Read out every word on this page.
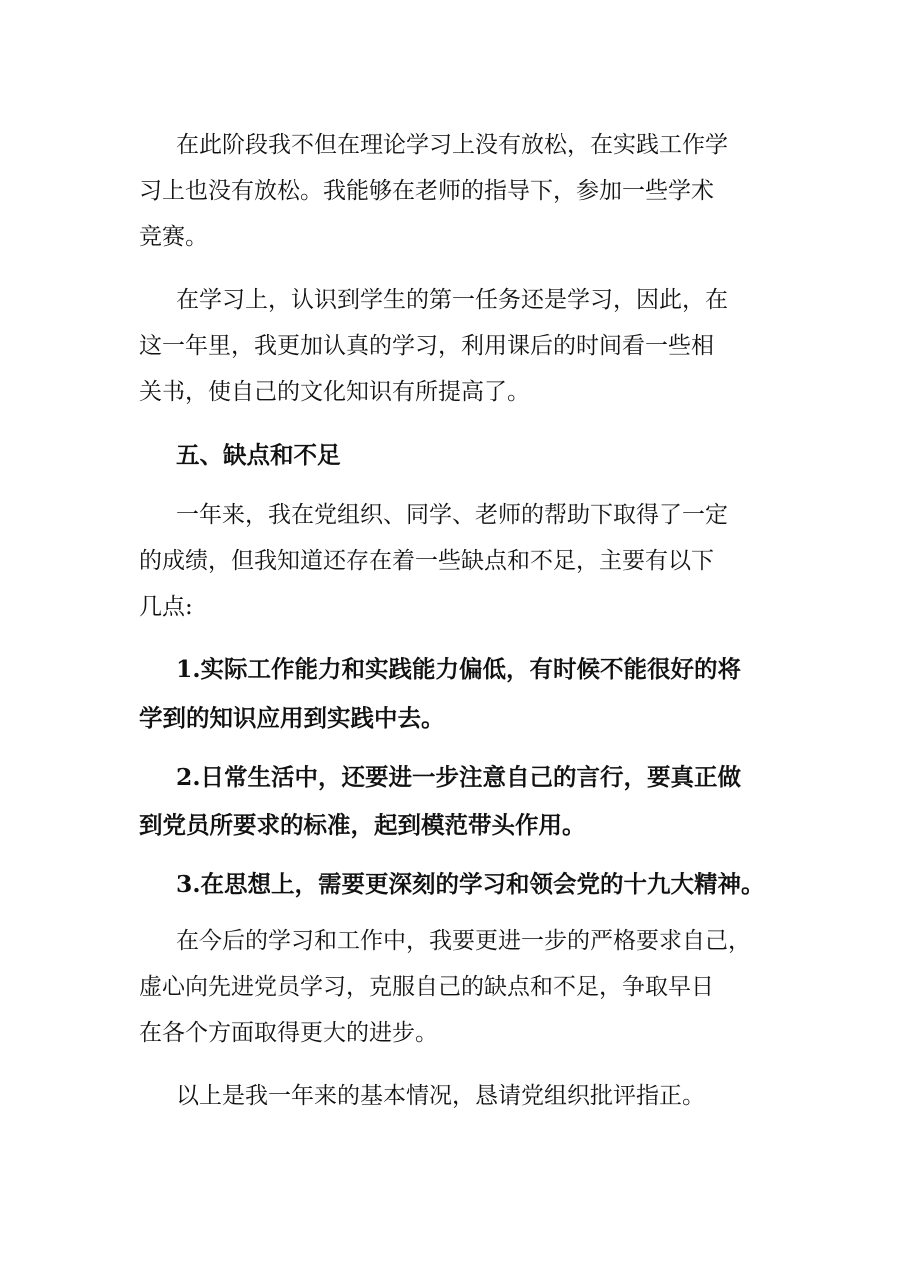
在此阶段我不但在理论学习上没有放松，在实践工作学
习上也没有放松。我能够在老师的指导下，参加一些学术
竞赛。
在学习上，认识到学生的第一任务还是学习，因此，在
这一年里，我更加认真的学习，利用课后的时间看一些相
关书，使自己的文化知识有所提高了。
五、缺点和不足
一年来，我在党组织、同学、老师的帮助下取得了一定
的成绩，但我知道还存在着一些缺点和不足，主要有以下
几点:
1.实际工作能力和实践能力偏低，有时候不能很好的将
学到的知识应用到实践中去。
2.日常生活中，还要进一步注意自己的言行，要真正做
到党员所要求的标准，起到模范带头作用。
3.在思想上，需要更深刻的学习和领会党的十九大精神。
在今后的学习和工作中，我要更进一步的严格要求自己，
虚心向先进党员学习，克服自己的缺点和不足，争取早日
在各个方面取得更大的进步。
以上是我一年来的基本情况，恳请党组织批评指正。
